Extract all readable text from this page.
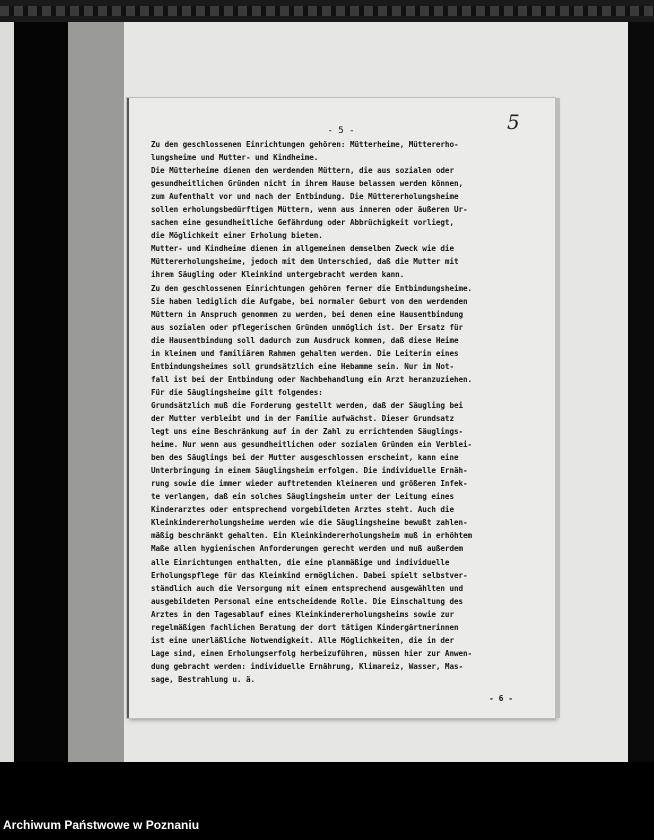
5
- 5 -
Zu den geschlossenen Einrichtungen gehören: Mütterheime, Müttererho-
lungsheime und Mutter- und Kindheime.
Die Mütterheime dienen den werdenden Müttern, die aus sozialen oder
gesundheitlichen Gründen nicht in ihrem Hause belassen werden können,
zum Aufenthalt vor und nach der Entbindung. Die Müttererholungsheime
sollen erholungsbedürftigen Müttern, wenn aus inneren oder äußeren Ur-
sachen eine gesundheitliche Gefährdung oder Abbrüchigkeit vorliegt,
die Möglichkeit einer Erholung bieten.
Mutter- und Kindheime dienen im allgemeinen demselben Zweck wie die
Müttererholungsheime, jedoch mit dem Unterschied, daß die Mutter mit
ihrem Säugling oder Kleinkind untergebracht werden kann.
Zu den geschlossenen Einrichtungen gehören ferner die Entbindungsheime.
Sie haben lediglich die Aufgabe, bei normaler Geburt von den werdenden
Müttern in Anspruch genommen zu werden, bei denen eine Hausentbindung
aus sozialen oder pflegerischen Gründen unmöglich ist. Der Ersatz für
die Hausentbindung soll dadurch zum Ausdruck kommen, daß diese Heime
in kleinem und familiärem Rahmen gehalten werden. Die Leiterin eines
Entbindungsheimes soll grundsätzlich eine Hebamme sein. Nur im Not-
fall ist bei der Entbindung oder Nachbehandlung ein Arzt heranzuziehen.
Für die Säuglingsheime gilt folgendes:
Grundsätzlich muß die Forderung gestellt werden, daß der Säugling bei
der Mutter verbleibt und in der Familie aufwächst. Dieser Grundsatz
legt uns eine Beschränkung auf in der Zahl zu errichtenden Säuglings-
heime. Nur wenn aus gesundheitlichen oder sozialen Gründen ein Verblei-
ben des Säuglings bei der Mutter ausgeschlossen erscheint, kann eine
Unterbringung in einem Säuglingsheim erfolgen. Die individuelle Ernäh-
rung sowie die immer wieder auftretenden kleineren und größeren Infek-
te verlangen, daß ein solches Säuglingsheim unter der Leitung eines
Kinderarztes oder entsprechend vorgebildeten Arztes steht. Auch die
Kleinkindererholungsheime werden wie die Säuglingsheime bewußt zahlen-
mäßig beschränkt gehalten. Ein Kleinkindererholungsheim muß in erhöhtem
Maße allen hygienischen Anforderungen gerecht werden und muß außerdem
alle Einrichtungen enthalten, die eine planmäßige und individuelle
Erholungspflege für das Kleinkind ermöglichen. Dabei spielt selbstver-
ständlich auch die Versorgung mit einem entsprechend ausgewählten und
ausgebildeten Personal eine entscheidende Rolle. Die Einschaltung des
Arztes in den Tagesablauf eines Kleinkindererholungsheims sowie zur
regelmäßigen fachlichen Beratung der dort tätigen Kindergärtnerinnen
ist eine unerläßliche Notwendigkeit. Alle Möglichkeiten, die in der
Lage sind, einen Erholungserfolg herbeizuführen, müssen hier zur Anwen-
dung gebracht werden: individuelle Ernährung, Klimareiz, Wasser, Mas-
sage, Bestrahlung u. ä.
- 6 -
Archiwum Państwowe w Poznaniu
